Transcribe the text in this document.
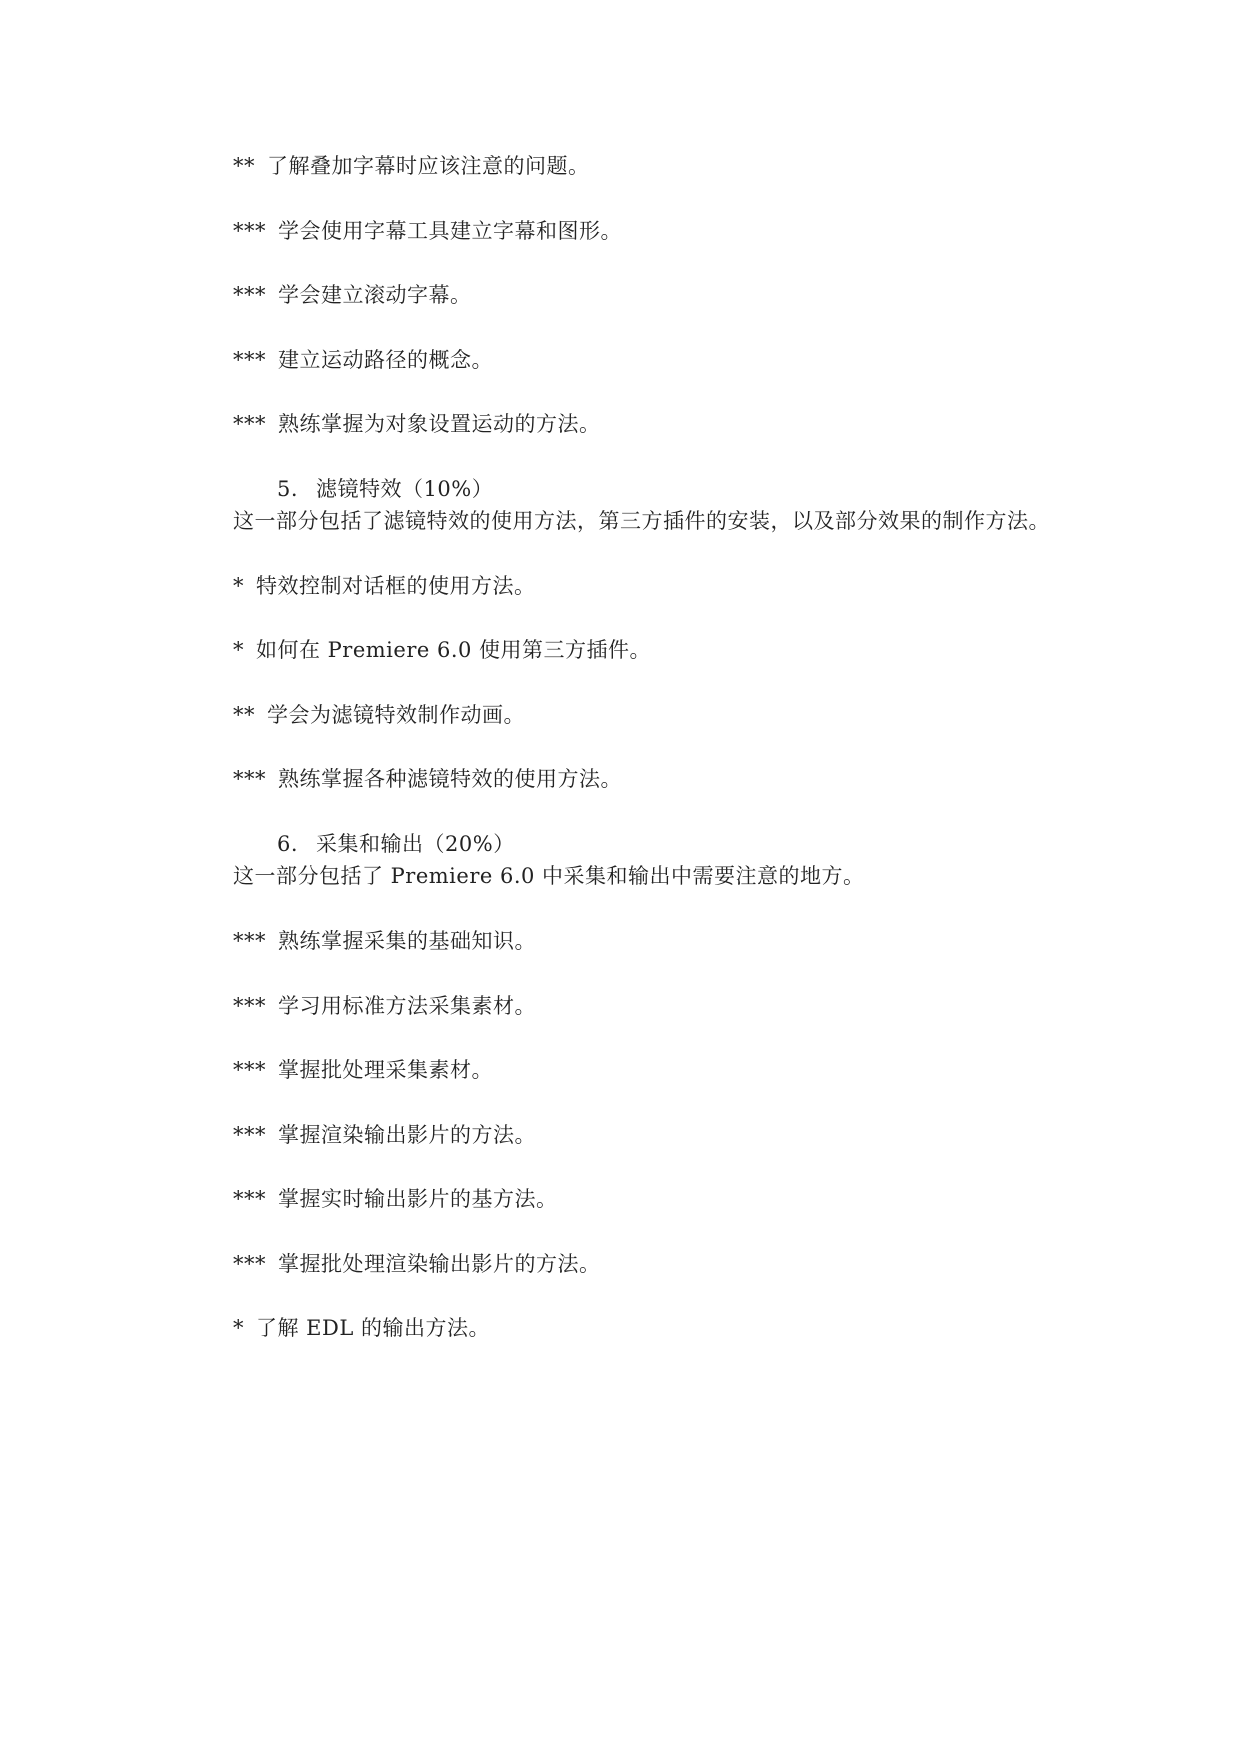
** 了解叠加字幕时应该注意的问题。
*** 学会使用字幕工具建立字幕和图形。
*** 学会建立滚动字幕。
*** 建立运动路径的概念。
*** 熟练掌握为对象设置运动的方法。
5. 滤镜特效（10%）
这一部分包括了滤镜特效的使用方法，第三方插件的安装，以及部分效果的制作方法。
* 特效控制对话框的使用方法。
* 如何在 Premiere 6.0 使用第三方插件。
** 学会为滤镜特效制作动画。
*** 熟练掌握各种滤镜特效的使用方法。
6. 采集和输出（20%）
这一部分包括了 Premiere 6.0 中采集和输出中需要注意的地方。
*** 熟练掌握采集的基础知识。
*** 学习用标准方法采集素材。
*** 掌握批处理采集素材。
*** 掌握渲染输出影片的方法。
*** 掌握实时输出影片的基方法。
*** 掌握批处理渲染输出影片的方法。
* 了解 EDL 的输出方法。
